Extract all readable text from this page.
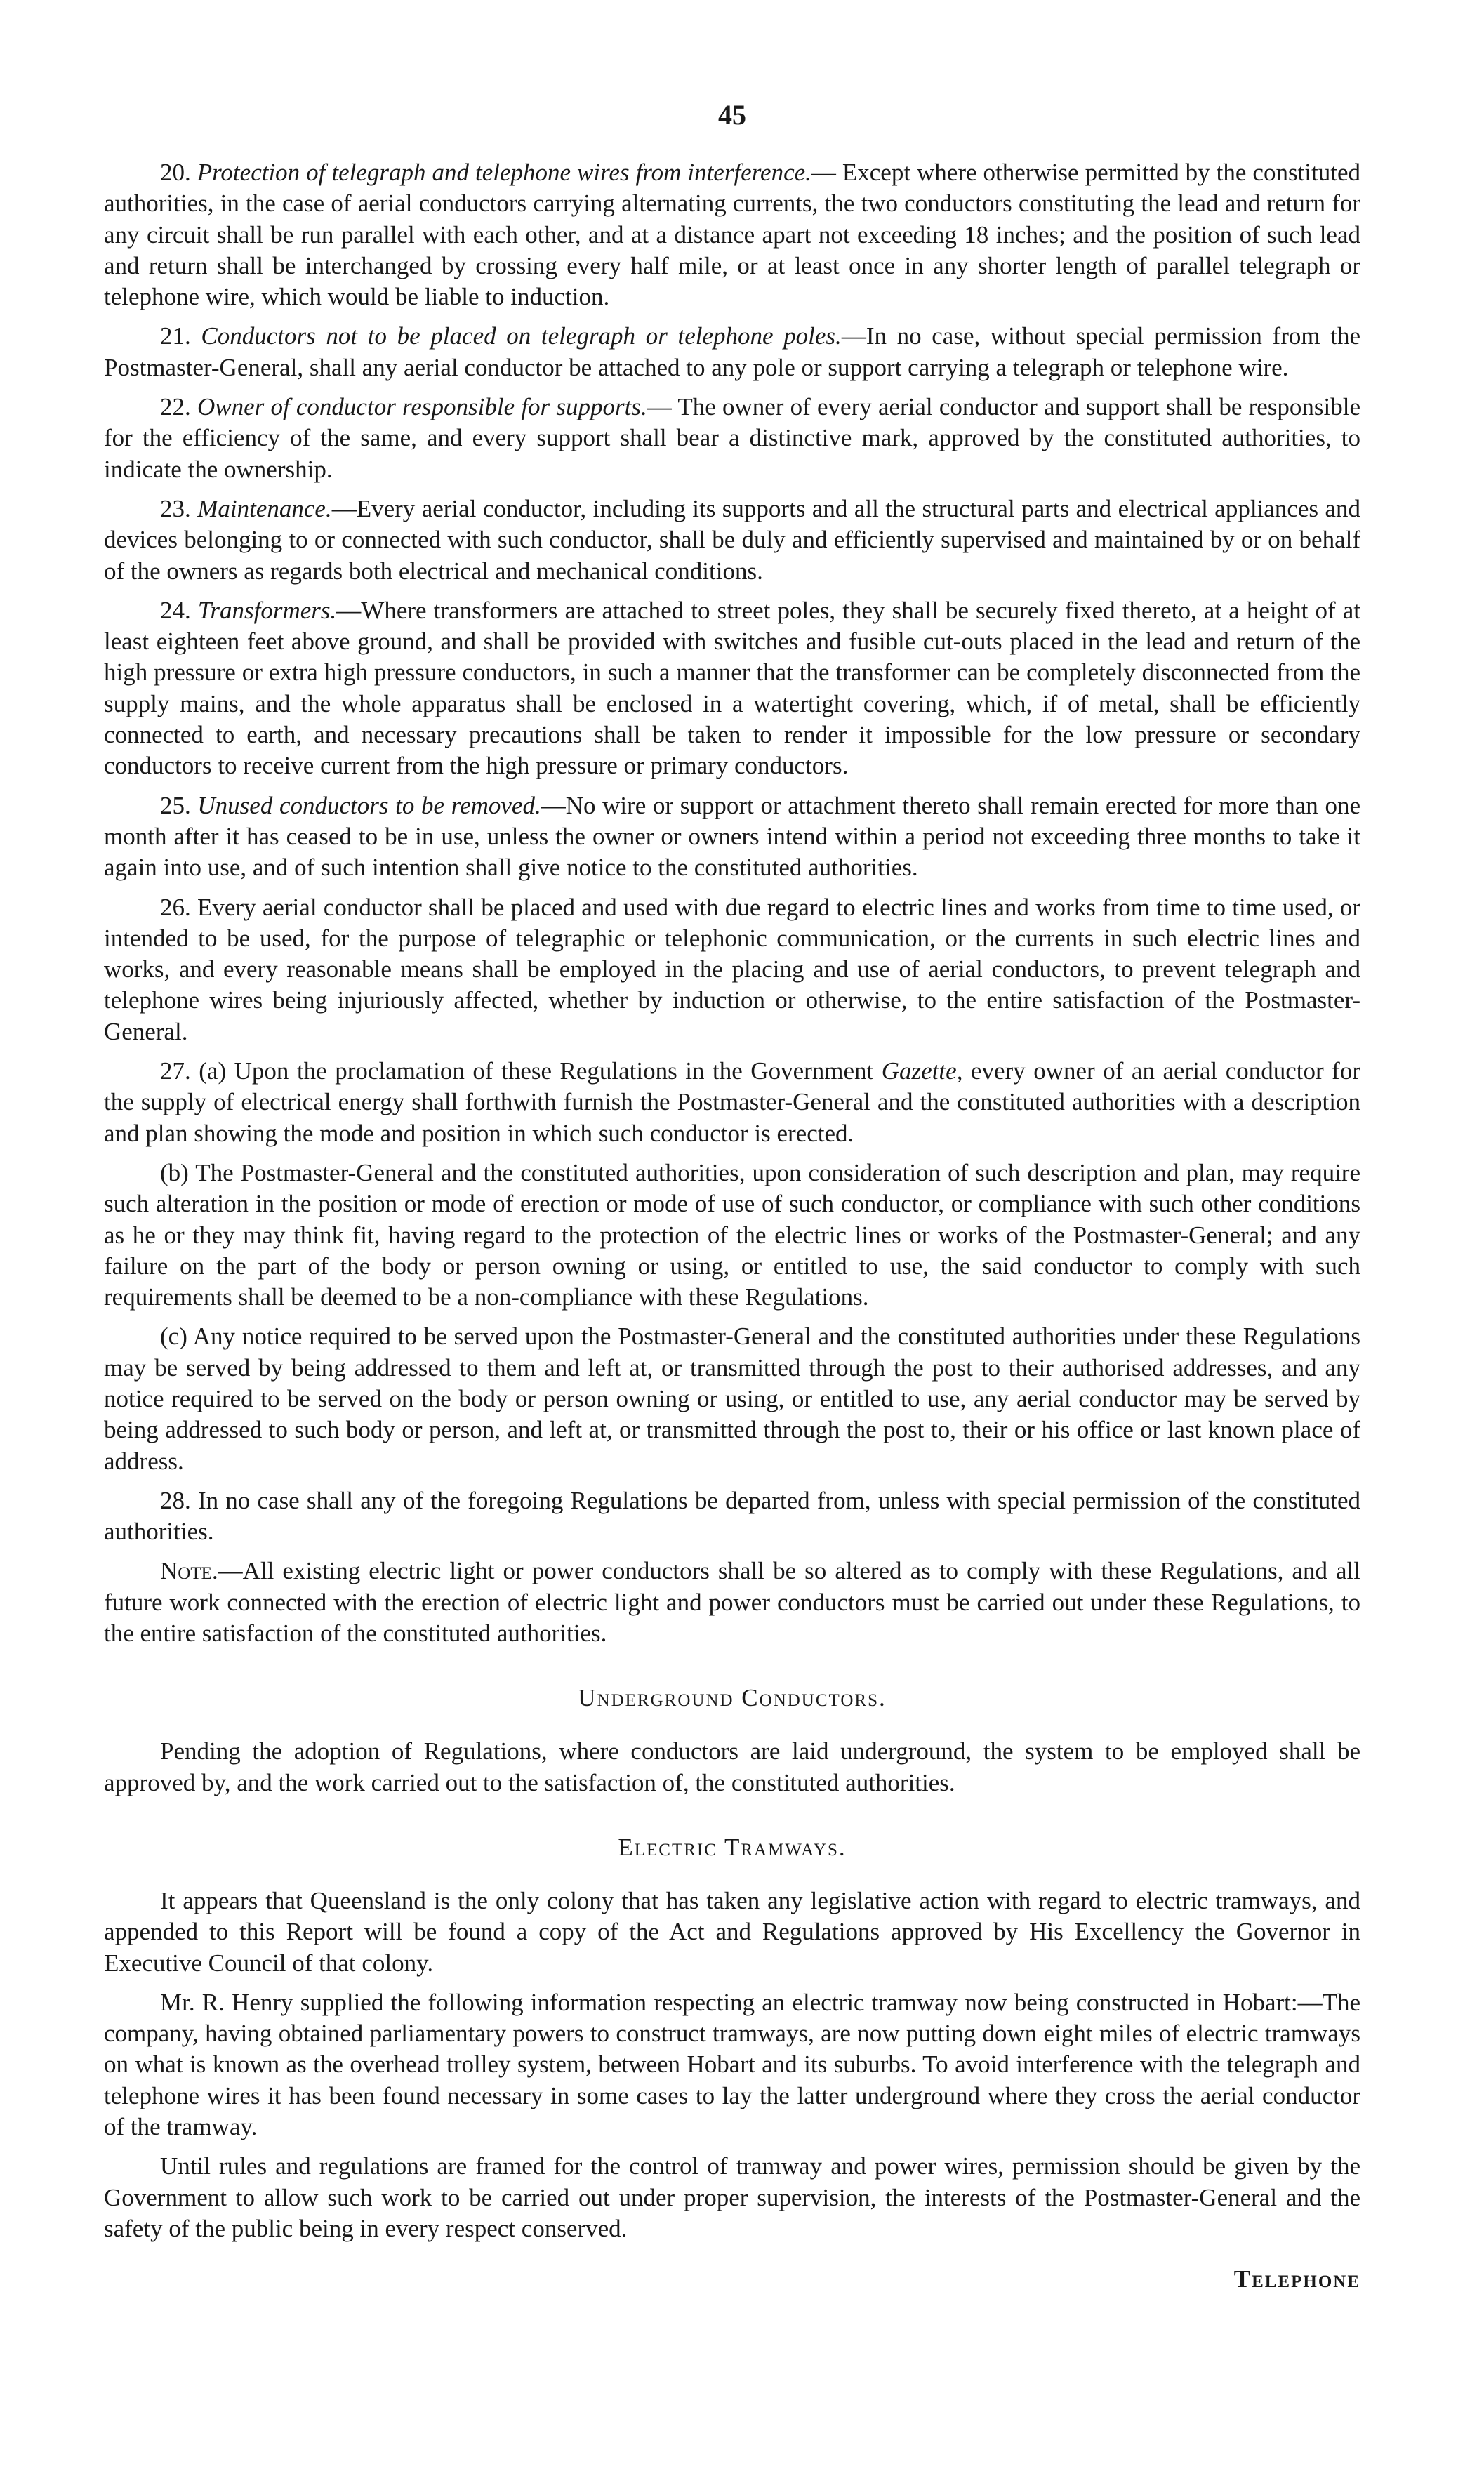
45

20. Protection of telegraph and telephone wires from interference.— Except where otherwise permitted by the constituted authorities, in the case of aerial conductors carrying alternating currents, the two conductors constituting the lead and return for any circuit shall be run parallel with each other, and at a distance apart not exceeding 18 inches; and the position of such lead and return shall be interchanged by crossing every half mile, or at least once in any shorter length of parallel telegraph or telephone wire, which would be liable to induction.

21. Conductors not to be placed on telegraph or telephone poles.—In no case, without special permission from the Postmaster-General, shall any aerial conductor be attached to any pole or support carrying a telegraph or telephone wire.

22. Owner of conductor responsible for supports.— The owner of every aerial conductor and support shall be responsible for the efficiency of the same, and every support shall bear a distinctive mark, approved by the constituted authorities, to indicate the ownership.

23. Maintenance.—Every aerial conductor, including its supports and all the structural parts and electrical appliances and devices belonging to or connected with such conductor, shall be duly and efficiently supervised and maintained by or on behalf of the owners as regards both electrical and mechanical conditions.

24. Transformers.—Where transformers are attached to street poles, they shall be securely fixed thereto, at a height of at least eighteen feet above ground, and shall be provided with switches and fusible cut-outs placed in the lead and return of the high pressure or extra high pressure conductors, in such a manner that the transformer can be completely disconnected from the supply mains, and the whole apparatus shall be enclosed in a watertight covering, which, if of metal, shall be efficiently connected to earth, and necessary precautions shall be taken to render it impossible for the low pressure or secondary conductors to receive current from the high pressure or primary conductors.

25. Unused conductors to be removed.—No wire or support or attachment thereto shall remain erected for more than one month after it has ceased to be in use, unless the owner or owners intend within a period not exceeding three months to take it again into use, and of such intention shall give notice to the constituted authorities.

26. Every aerial conductor shall be placed and used with due regard to electric lines and works from time to time used, or intended to be used, for the purpose of telegraphic or telephonic communication, or the currents in such electric lines and works, and every reasonable means shall be employed in the placing and use of aerial conductors, to prevent telegraph and telephone wires being injuriously affected, whether by induction or otherwise, to the entire satisfaction of the Postmaster-General.

27. (a) Upon the proclamation of these Regulations in the Government Gazette, every owner of an aerial conductor for the supply of electrical energy shall forthwith furnish the Postmaster-General and the constituted authorities with a description and plan showing the mode and position in which such conductor is erected.

(b) The Postmaster-General and the constituted authorities, upon consideration of such description and plan, may require such alteration in the position or mode of erection or mode of use of such conductor, or compliance with such other conditions as he or they may think fit, having regard to the protection of the electric lines or works of the Postmaster-General; and any failure on the part of the body or person owning or using, or entitled to use, the said conductor to comply with such requirements shall be deemed to be a non-compliance with these Regulations.

(c) Any notice required to be served upon the Postmaster-General and the constituted authorities under these Regulations may be served by being addressed to them and left at, or transmitted through the post to their authorised addresses, and any notice required to be served on the body or person owning or using, or entitled to use, any aerial conductor may be served by being addressed to such body or person, and left at, or transmitted through the post to, their or his office or last known place of address.

28. In no case shall any of the foregoing Regulations be departed from, unless with special permission of the constituted authorities.

Note.—All existing electric light or power conductors shall be so altered as to comply with these Regulations, and all future work connected with the erection of electric light and power conductors must be carried out under these Regulations, to the entire satisfaction of the constituted authorities.

Underground Conductors.

Pending the adoption of Regulations, where conductors are laid underground, the system to be employed shall be approved by, and the work carried out to the satisfaction of, the constituted authorities.

Electric Tramways.

It appears that Queensland is the only colony that has taken any legislative action with regard to electric tramways, and appended to this Report will be found a copy of the Act and Regulations approved by His Excellency the Governor in Executive Council of that colony.

Mr. R. Henry supplied the following information respecting an electric tramway now being constructed in Hobart:—The company, having obtained parliamentary powers to construct tramways, are now putting down eight miles of electric tramways on what is known as the overhead trolley system, between Hobart and its suburbs. To avoid interference with the telegraph and telephone wires it has been found necessary in some cases to lay the latter underground where they cross the aerial conductor of the tramway.

Until rules and regulations are framed for the control of tramway and power wires, permission should be given by the Government to allow such work to be carried out under proper supervision, the interests of the Postmaster-General and the safety of the public being in every respect conserved.

Telephone
